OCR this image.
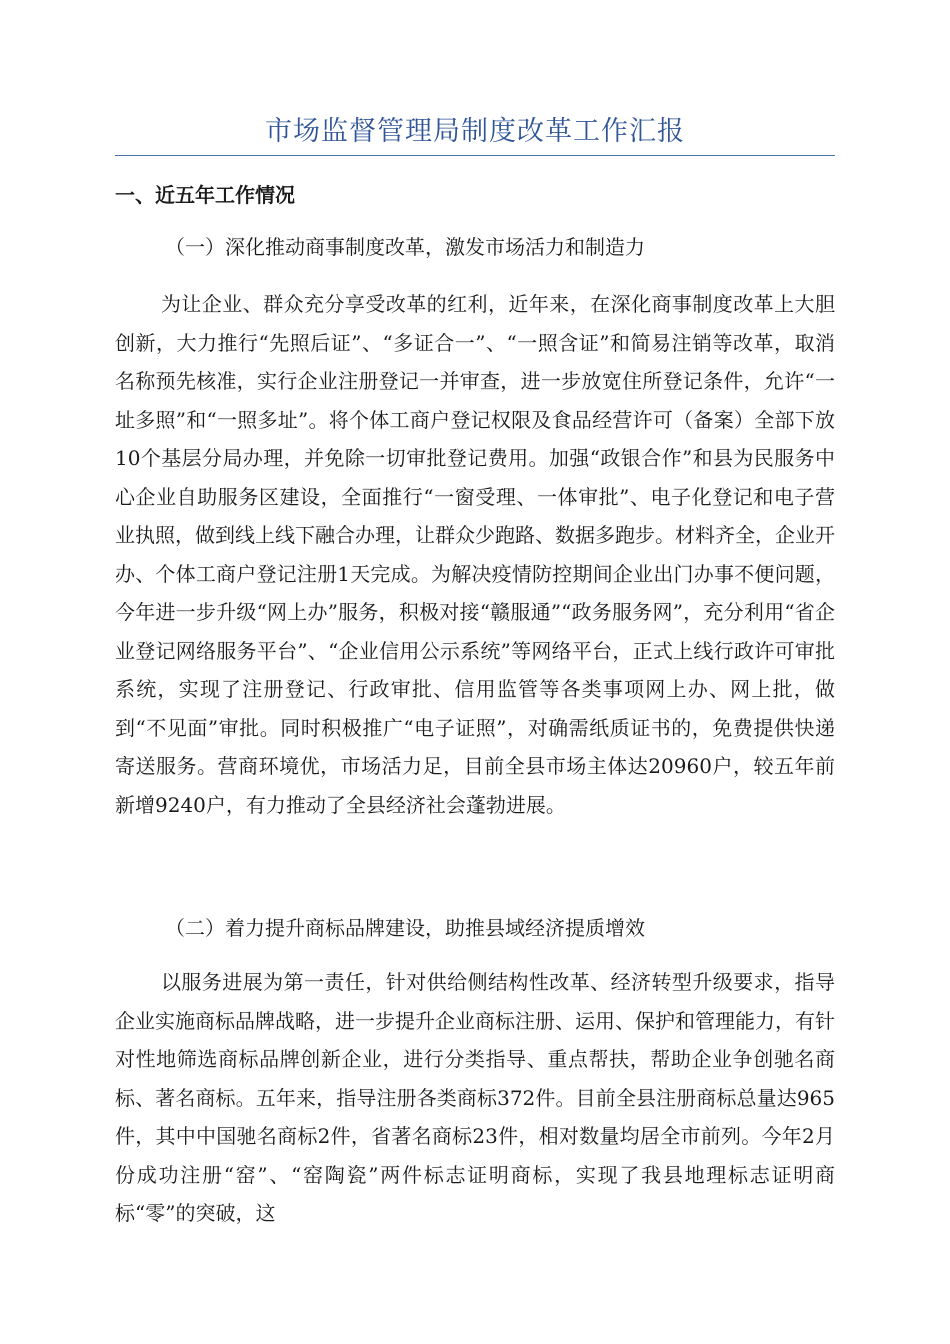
市场监督管理局制度改革工作汇报
一、近五年工作情况
（一）深化推动商事制度改革，激发市场活力和制造力
为让企业、群众充分享受改革的红利，近年来，在深化商事制度改革上大胆创新，大力推行“先照后证”、“多证合一”、“一照含证”和简易注销等改革，取消名称预先核准，实行企业注册登记一并审查，进一步放宽住所登记条件，允许“一址多照”和“一照多址”。将个体工商户登记权限及食品经营许可（备案）全部下放10个基层分局办理，并免除一切审批登记费用。加强“政银合作”和县为民服务中心企业自助服务区建设，全面推行“一窗受理、一体审批”、电子化登记和电子营业执照，做到线上线下融合办理，让群众少跑路、数据多跑步。材料齐全，企业开办、个体工商户登记注册1天完成。为解决疫情防控期间企业出门办事不便问题，今年进一步升级“网上办”服务，积极对接“赣服通”“政务服务网”，充分利用“省企业登记网络服务平台”、“企业信用公示系统”等网络平台，正式上线行政许可审批系统，实现了注册登记、行政审批、信用监管等各类事项网上办、网上批，做到“不见面”审批。同时积极推广“电子证照”，对确需纸质证书的，免费提供快递寄送服务。营商环境优，市场活力足，目前全县市场主体达20960户，较五年前新增9240户，有力推动了全县经济社会蓬勃进展。
（二）着力提升商标品牌建设，助推县域经济提质增效
以服务进展为第一责任，针对供给侧结构性改革、经济转型升级要求，指导企业实施商标品牌战略，进一步提升企业商标注册、运用、保护和管理能力，有针对性地筛选商标品牌创新企业，进行分类指导、重点帮扶，帮助企业争创驰名商标、著名商标。五年来，指导注册各类商标372件。目前全县注册商标总量达965件，其中中国驰名商标2件，省著名商标23件，相对数量均居全市前列。今年2月份成功注册“窑”、“窑陶瓷”两件标志证明商标，实现了我县地理标志证明商标“零”的突破，这
